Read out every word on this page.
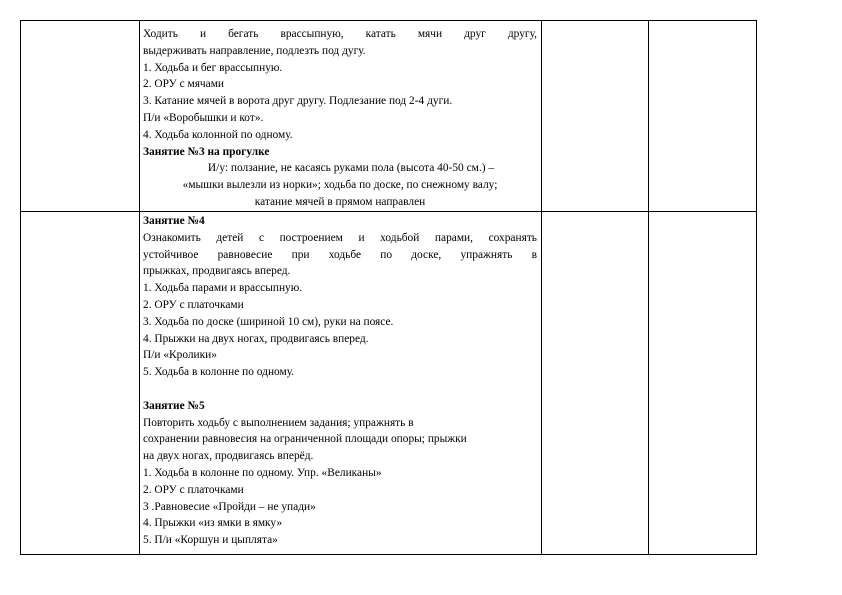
Ходить и бегать врассыпную, катать мячи друг другу,

выдерживать направление, подлезть под дугу.

1. Ходьба и бег врассыпную.

2. ОРУ с мячами

3. Катание мячей в ворота друг другу. Подлезание под 2-4 дуги.

П/и «Воробышки и кот».

4. Ходьба колонной по одному.

Занятие №3 на прогулке

И/у: ползание, не касаясь руками пола (высота 40-50 см.) –

«мышки вылезли из норки»; ходьба по доске, по снежному валу;

катание мячей в прямом направлен

Занятие №4

Ознакомить детей с построением и ходьбой парами, сохранять

устойчивое равновесие при ходьбе по доске, упражнять в

прыжках, продвигаясь вперед.

1. Ходьба парами и врассыпную.

2. ОРУ с платочками

3. Ходьба по доске (шириной 10 см), руки на поясе.

4. Прыжки на двух ногах, продвигаясь вперед.

П/и «Кролики»

5. Ходьба в колонне по одному.

Занятие №5

Повторить ходьбу с выполнением задания; упражнять в

сохранении равновесия на ограниченной площади опоры; прыжки

на двух ногах, продвигаясь вперёд.

1. Ходьба в колонне по одному. Упр. «Великаны»

2. ОРУ с платочками

3 .Равновесие «Пройди – не упади»

4. Прыжки «из ямки в ямку»

5. П/и «Коршун и цыплята»
